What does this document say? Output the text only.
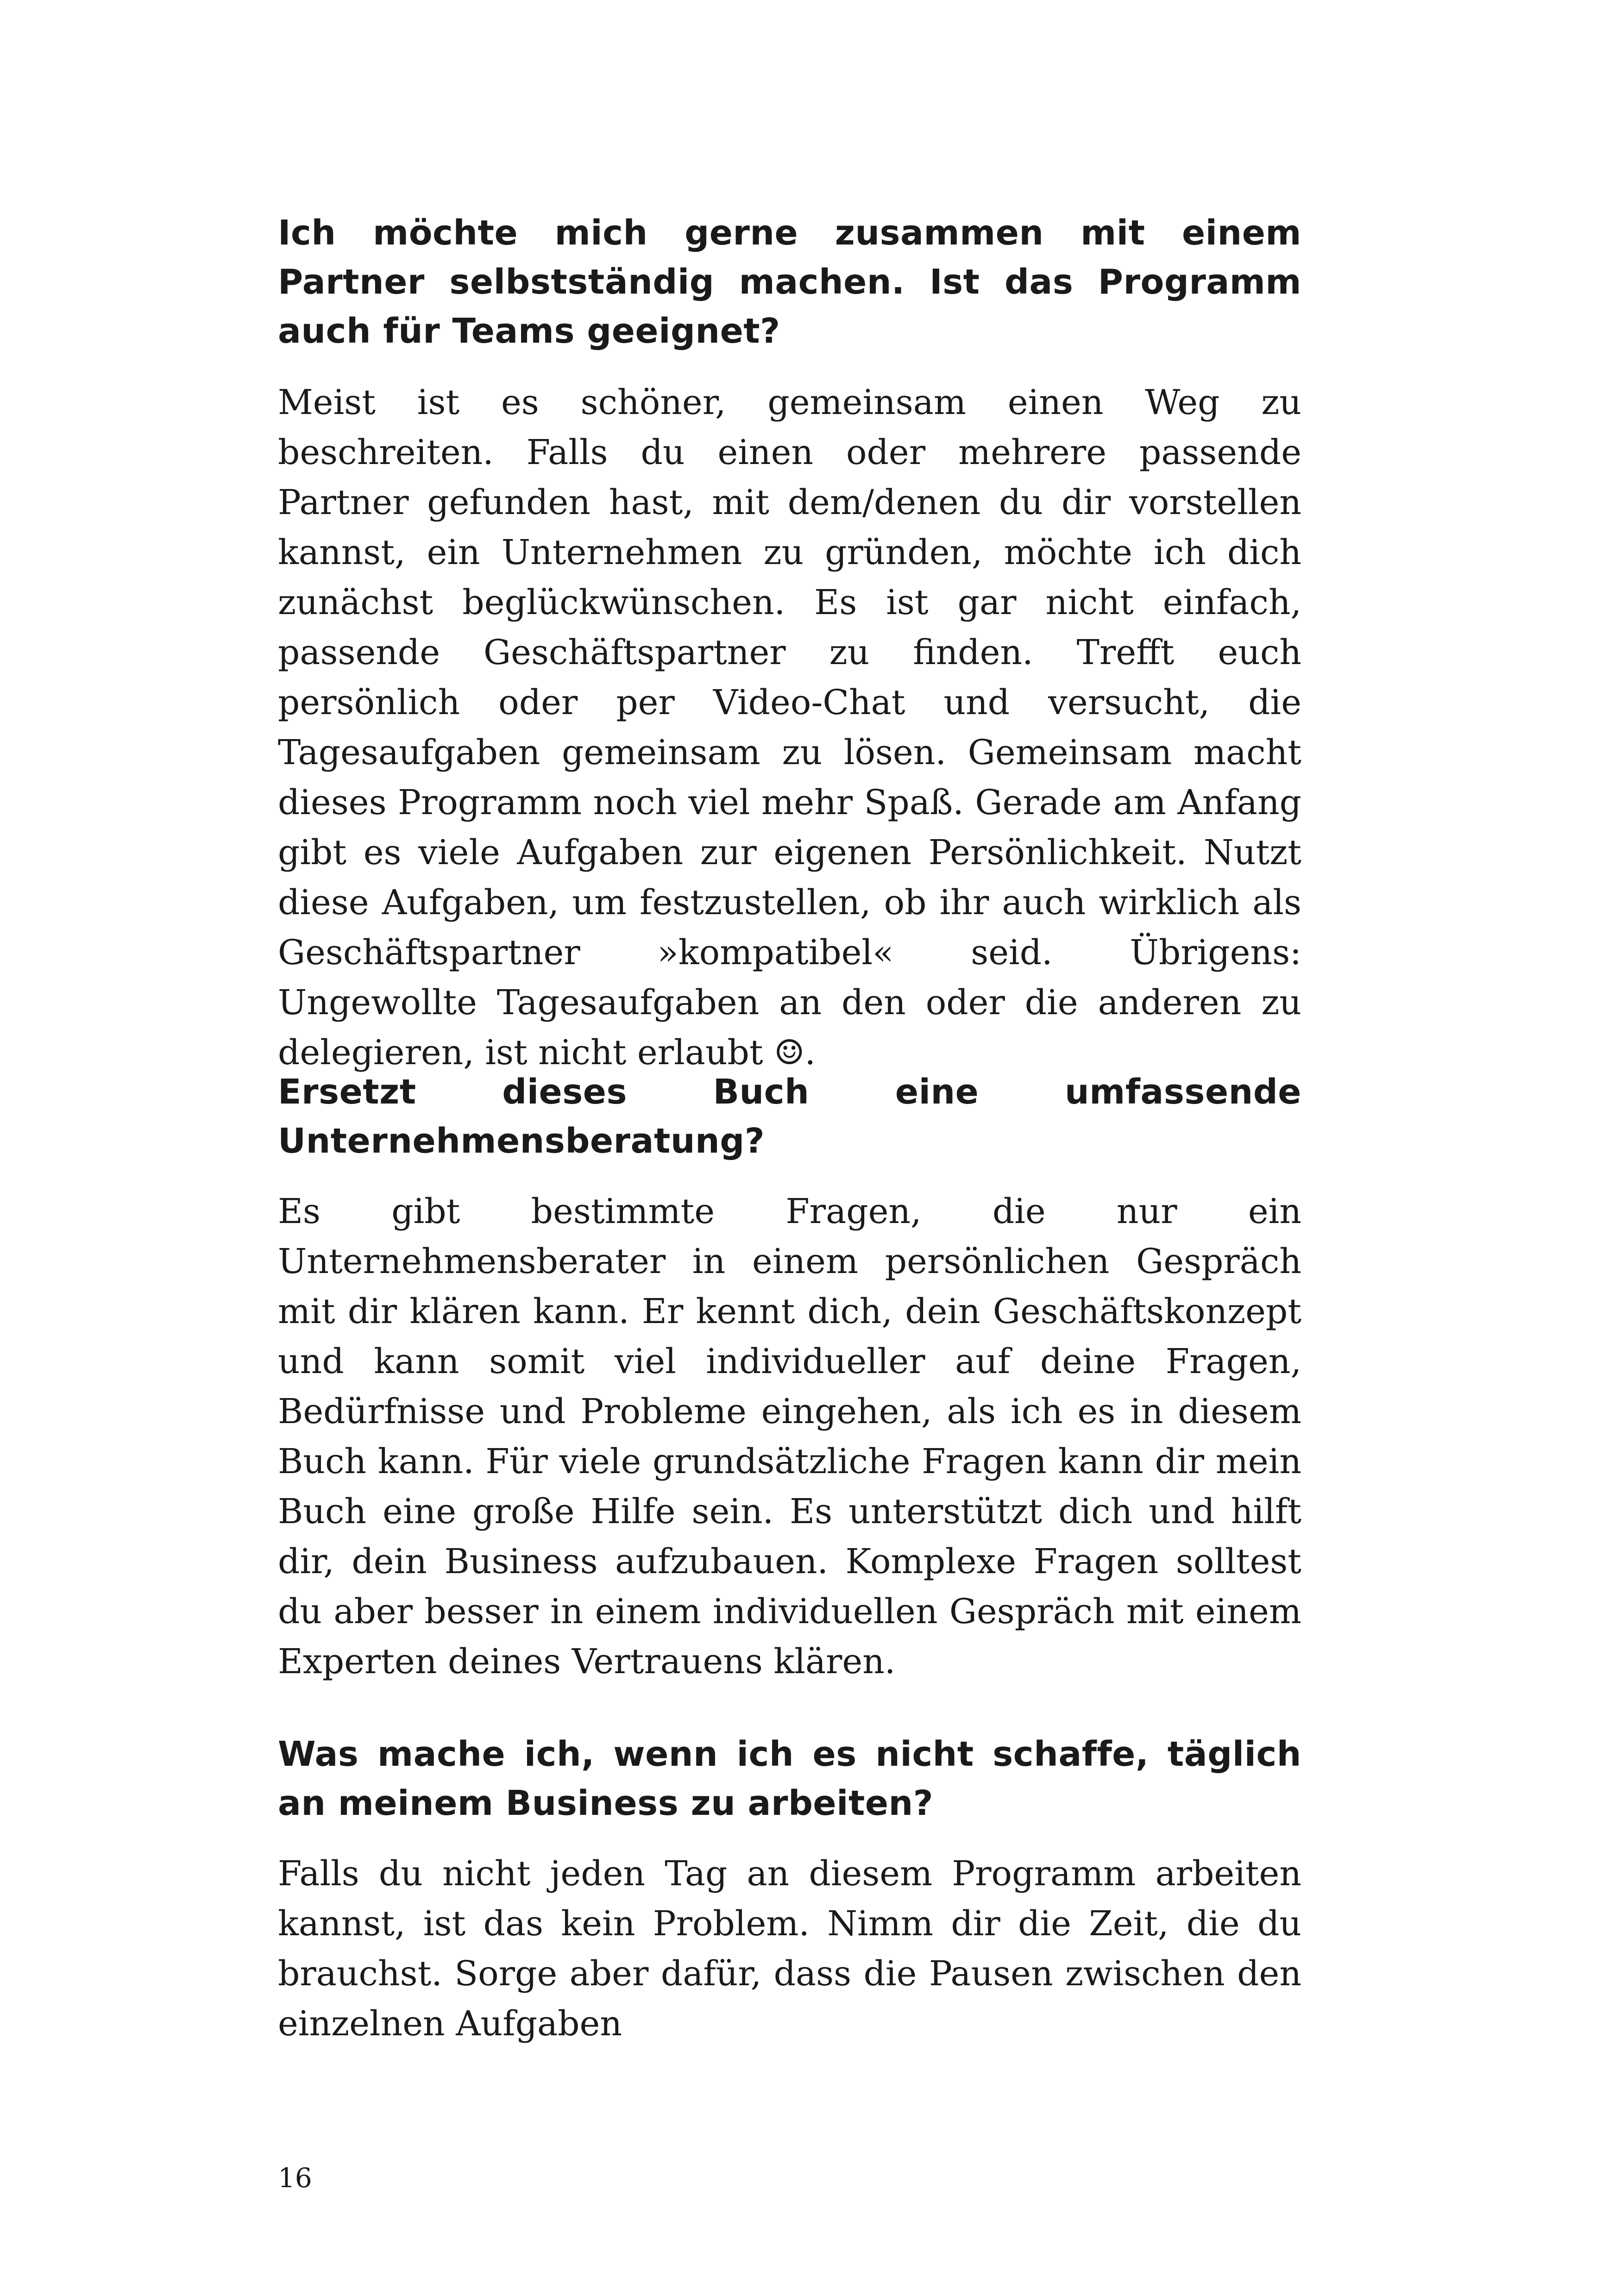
Ich möchte mich gerne zusammen mit einem Partner selbstständig machen. Ist das Programm auch für Teams geeignet?

Meist ist es schöner, gemeinsam einen Weg zu beschreiten. Falls du einen oder mehrere passende Partner gefunden hast, mit dem/denen du dir vorstellen kannst, ein Unternehmen zu gründen, möchte ich dich zunächst beglückwünschen. Es ist gar nicht einfach, passende Geschäftspartner zu finden. Trefft euch persönlich oder per Video-Chat und versucht, die Tagesaufgaben gemeinsam zu lösen. Gemeinsam macht dieses Programm noch viel mehr Spaß. Gerade am Anfang gibt es viele Aufgaben zur eigenen Persönlichkeit. Nutzt diese Aufgaben, um festzustellen, ob ihr auch wirklich als Geschäftspartner »kompatibel« seid. Übrigens: Ungewollte Tagesaufgaben an den oder die anderen zu delegieren, ist nicht erlaubt ☺.

Ersetzt dieses Buch eine umfassende Unternehmensberatung?

Es gibt bestimmte Fragen, die nur ein Unternehmensberater in einem persönlichen Gespräch mit dir klären kann. Er kennt dich, dein Geschäftskonzept und kann somit viel individueller auf deine Fragen, Bedürfnisse und Probleme eingehen, als ich es in diesem Buch kann. Für viele grundsätzliche Fragen kann dir mein Buch eine große Hilfe sein. Es unterstützt dich und hilft dir, dein Business aufzubauen. Komplexe Fragen solltest du aber besser in einem individuellen Gespräch mit einem Experten deines Vertrauens klären.

Was mache ich, wenn ich es nicht schaffe, täglich an meinem Business zu arbeiten?

Falls du nicht jeden Tag an diesem Programm arbeiten kannst, ist das kein Problem. Nimm dir die Zeit, die du brauchst. Sorge aber dafür, dass die Pausen zwischen den einzelnen Aufgaben

16
